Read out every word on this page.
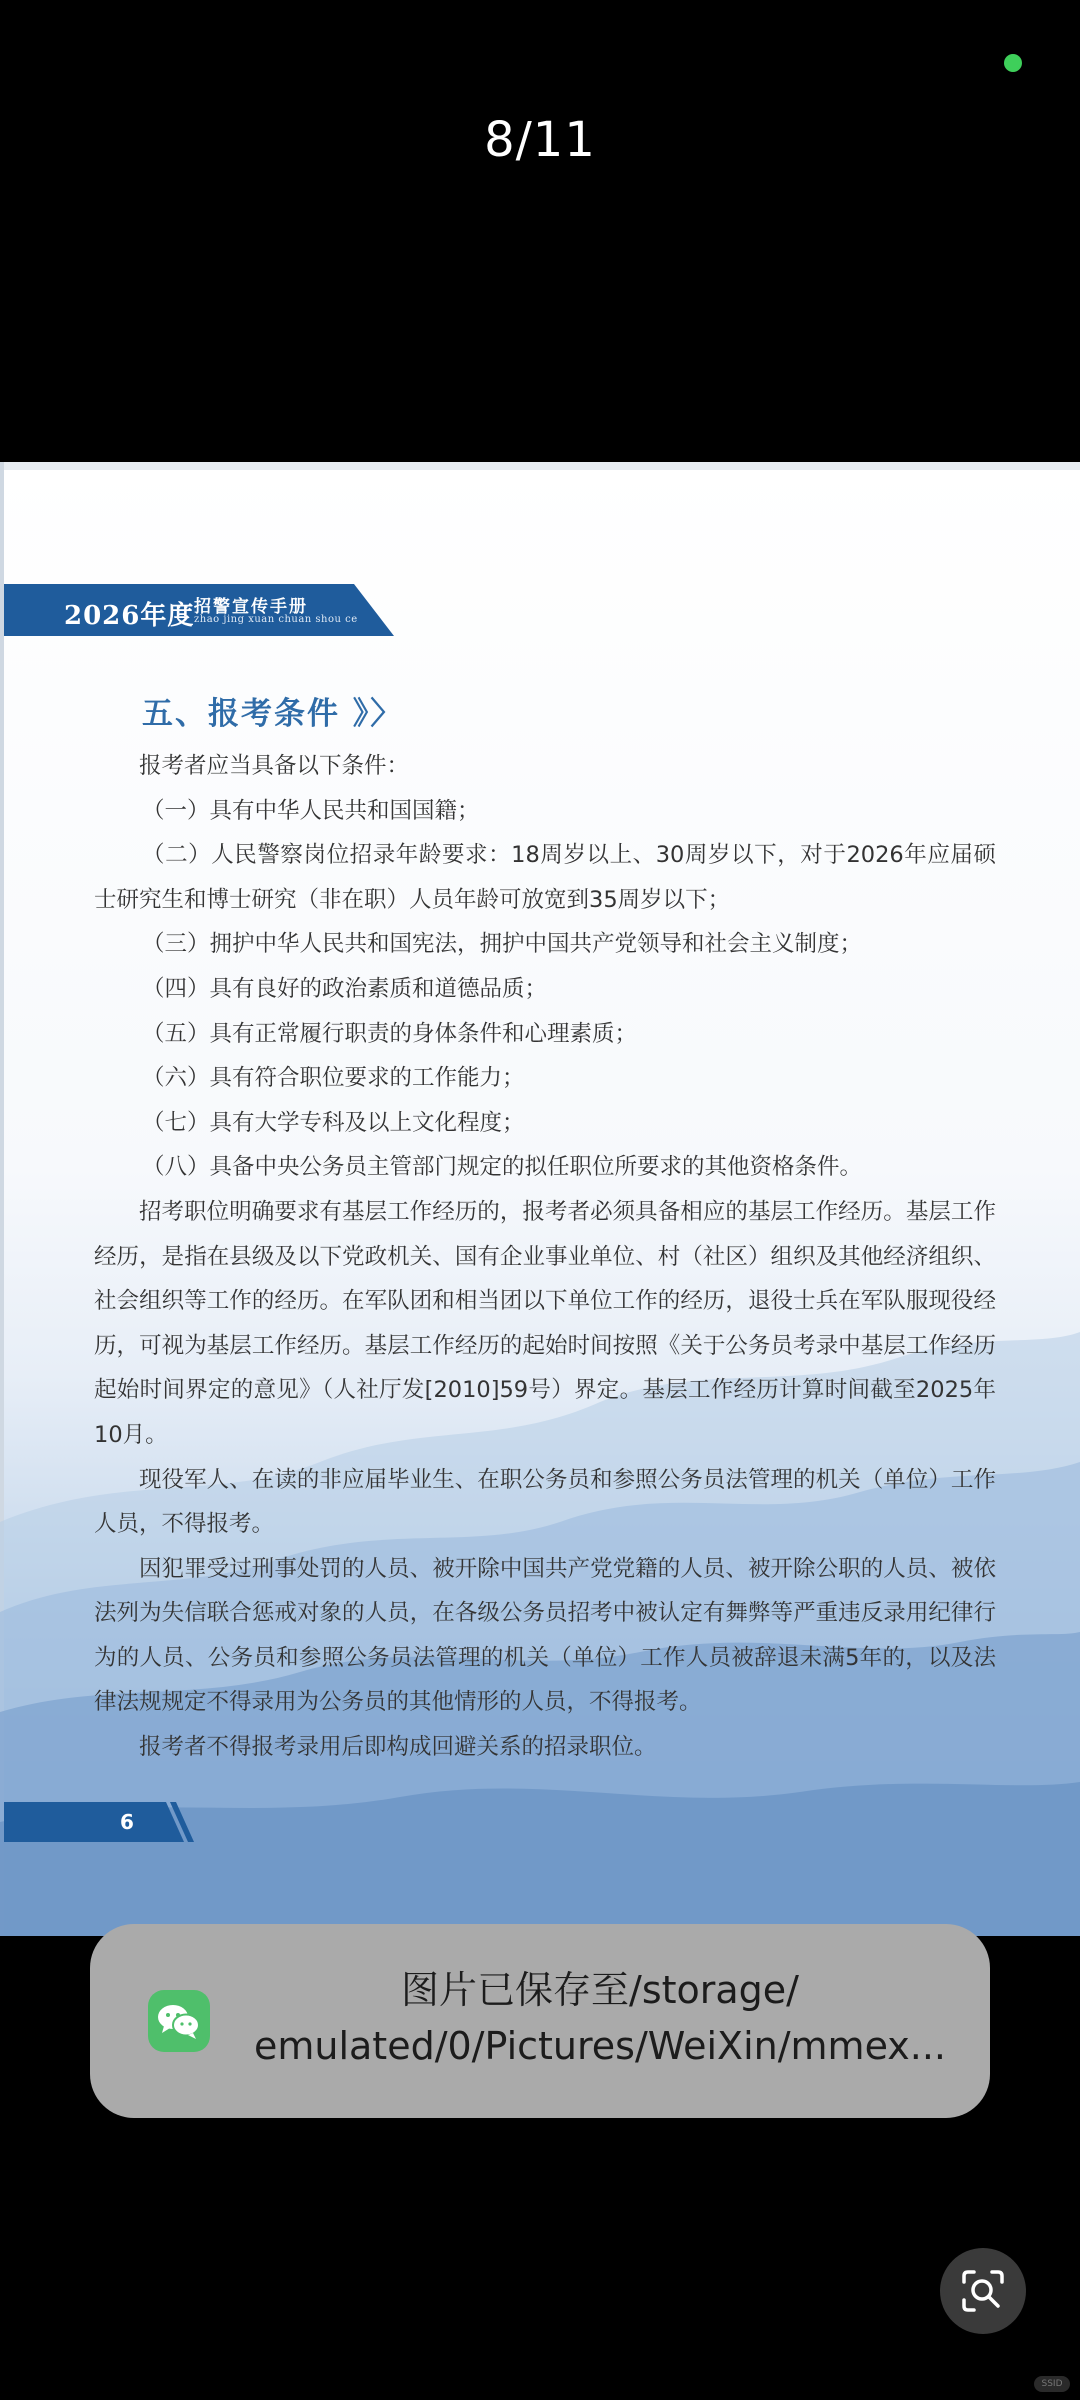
8/11
2026年度 招警宣传手册
zhao jing xuan chuan shou ce
五、报考条件 》〉

报考者应当具备以下条件：

（一）具有中华人民共和国国籍；

（二）人民警察岗位招录年龄要求：18周岁以上、30周岁以下，对于2026年应届硕士研究生和博士研究（非在职）人员年龄可放宽到35周岁以下；

（三）拥护中华人民共和国宪法，拥护中国共产党领导和社会主义制度；

（四）具有良好的政治素质和道德品质；

（五）具有正常履行职责的身体条件和心理素质；

（六）具有符合职位要求的工作能力；

（七）具有大学专科及以上文化程度；

（八）具备中央公务员主管部门规定的拟任职位所要求的其他资格条件。

招考职位明确要求有基层工作经历的，报考者必须具备相应的基层工作经历。基层工作经历，是指在县级及以下党政机关、国有企业事业单位、村（社区）组织及其他经济组织、社会组织等工作的经历。在军队团和相当团以下单位工作的经历，退役士兵在军队服现役经历，可视为基层工作经历。基层工作经历的起始时间按照《关于公务员考录中基层工作经历起始时间界定的意见》（人社厅发[2010]59号）界定。基层工作经历计算时间截至2025年10月。

现役军人、在读的非应届毕业生、在职公务员和参照公务员法管理的机关（单位）工作人员，不得报考。

因犯罪受过刑事处罚的人员、被开除中国共产党党籍的人员、被开除公职的人员、被依法列为失信联合惩戒对象的人员，在各级公务员招考中被认定有舞弊等严重违反录用纪律行为的人员、公务员和参照公务员法管理的机关（单位）工作人员被辞退未满5年的，以及法律法规规定不得录用为公务员的其他情形的人员，不得报考。

报考者不得报考录用后即构成回避关系的招录职位。

6
图片已保存至/storage/
emulated/0/Pictures/WeiXin/mmex...
SSID
